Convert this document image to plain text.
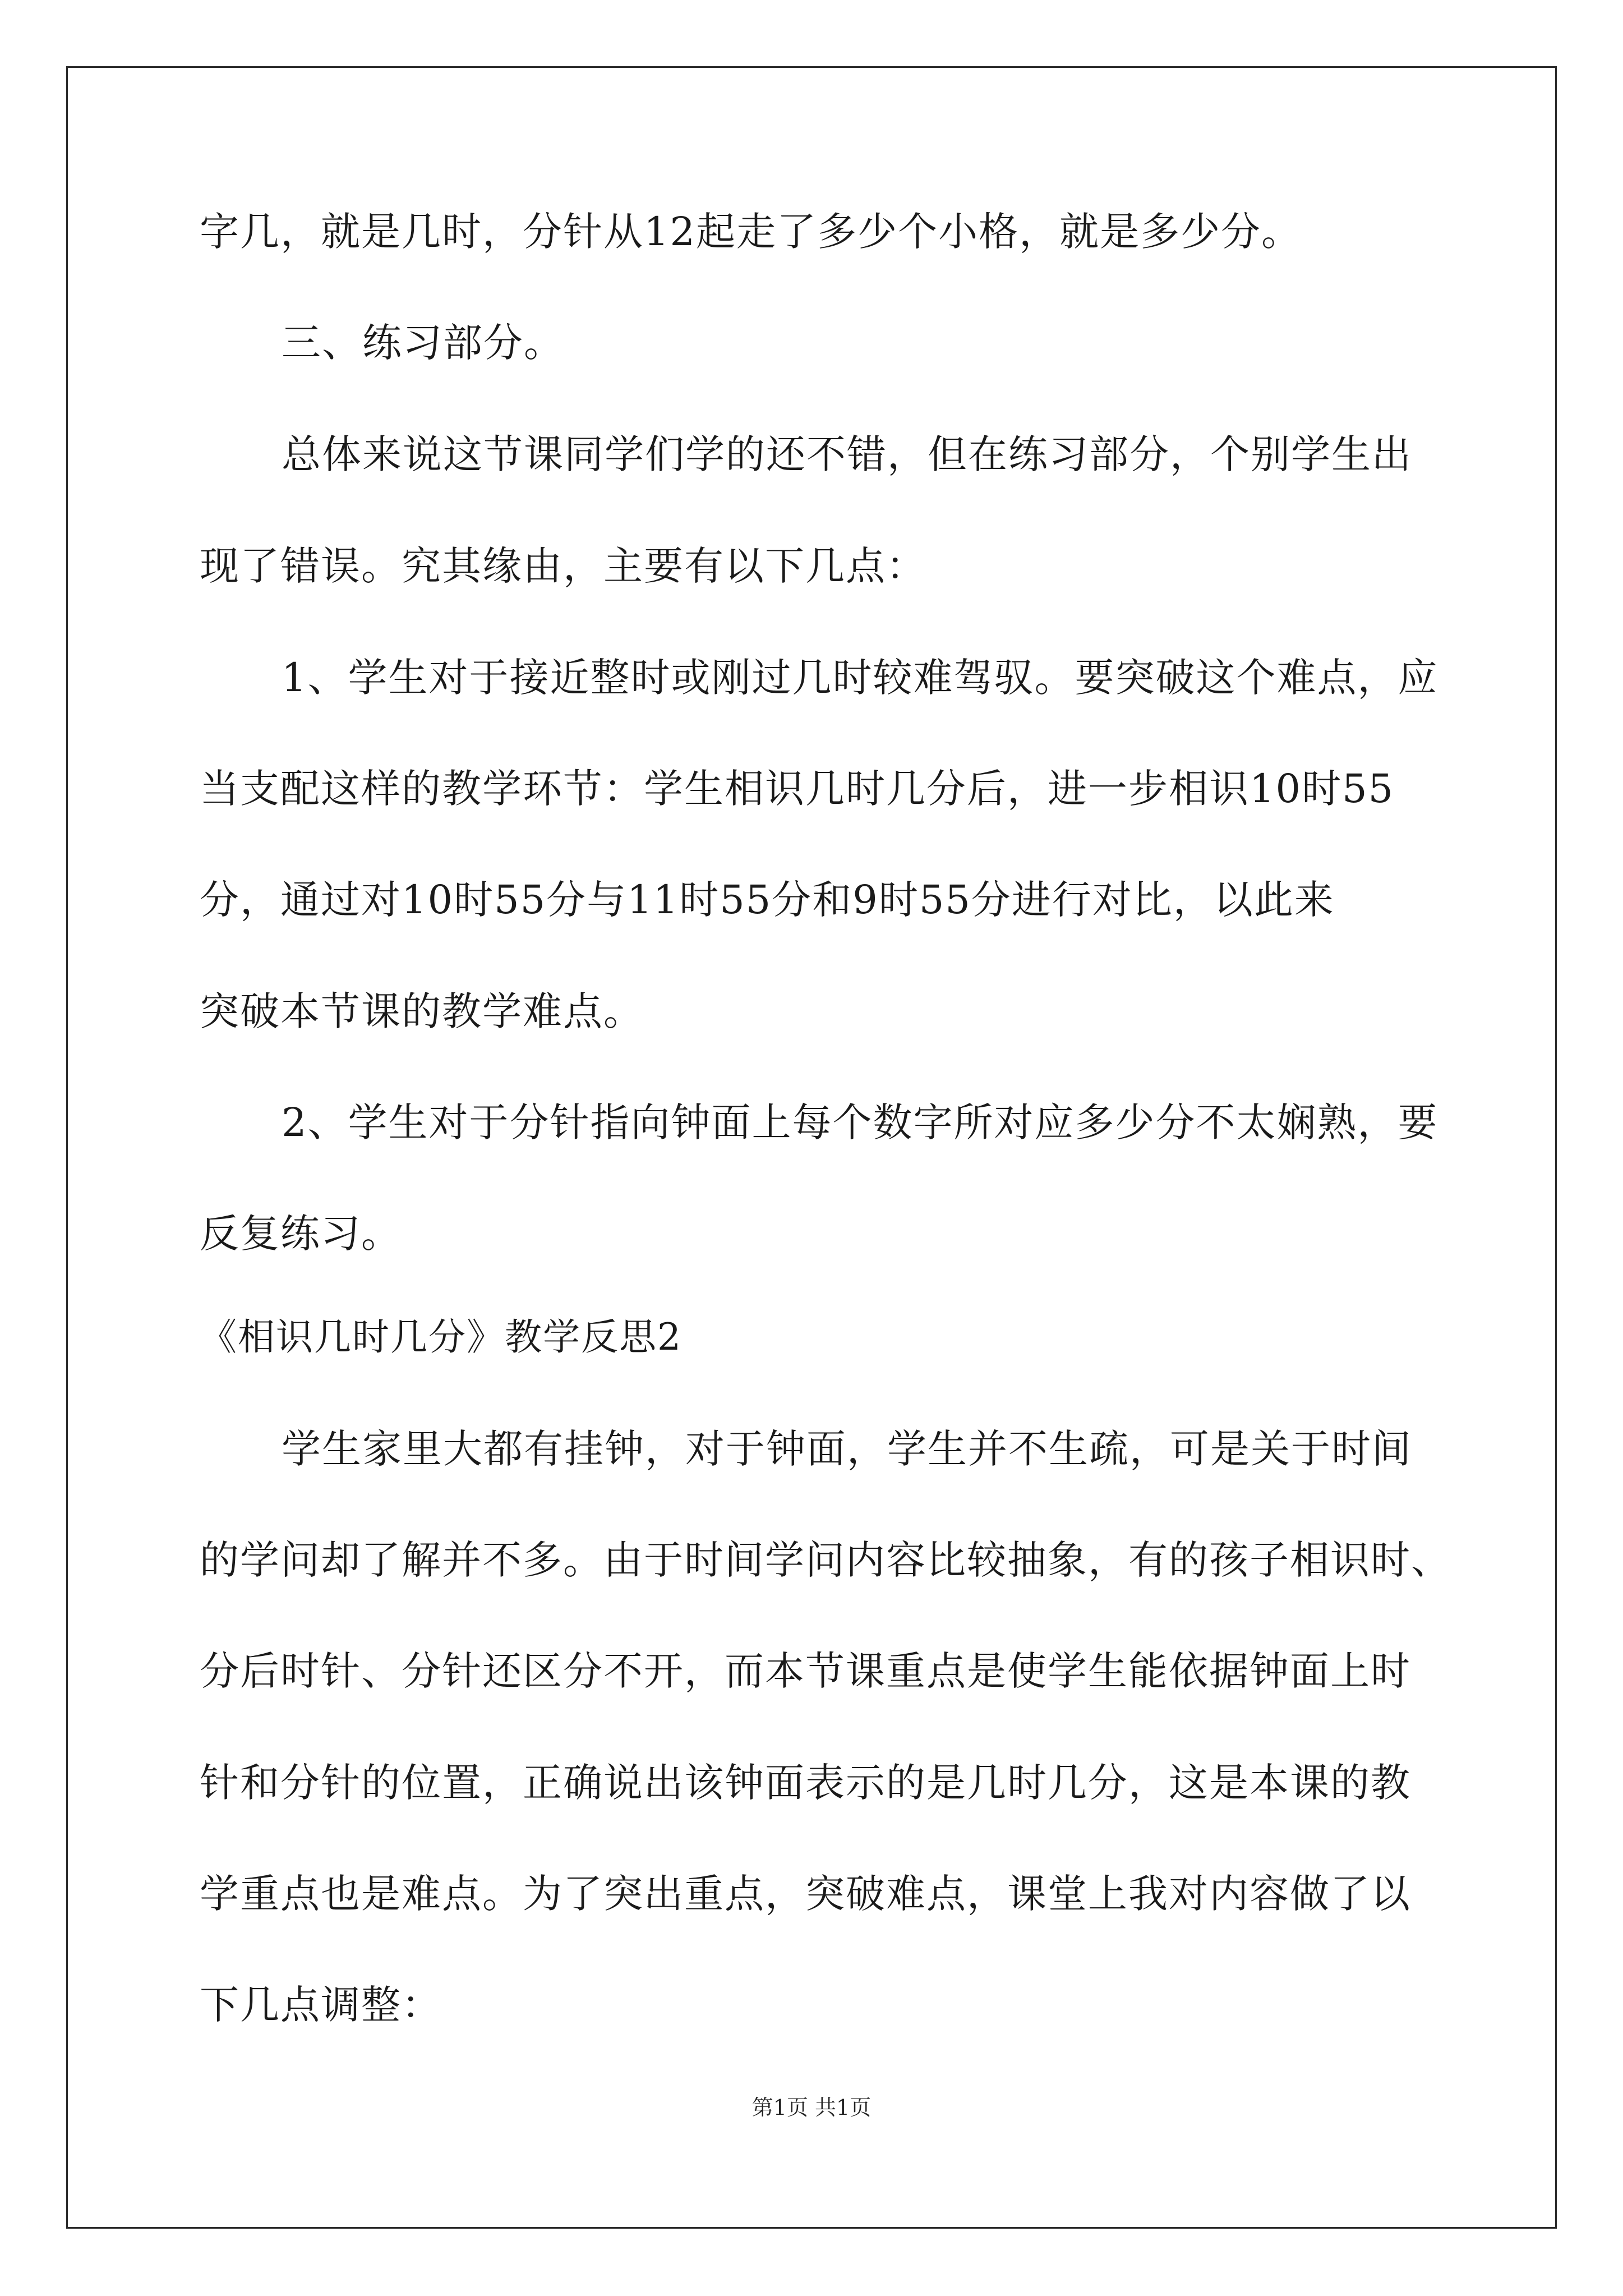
字几，就是几时，分针从12起走了多少个小格，就是多少分。
三、练习部分。
总体来说这节课同学们学的还不错，但在练习部分，个别学生出
现了错误。究其缘由，主要有以下几点：
1、学生对于接近整时或刚过几时较难驾驭。要突破这个难点，应
当支配这样的教学环节：学生相识几时几分后，进一步相识10时55
分，通过对10时55分与11时55分和9时55分进行对比，以此来
突破本节课的教学难点。
2、学生对于分针指向钟面上每个数字所对应多少分不太娴熟，要
反复练习。
《相识几时几分》教学反思2
学生家里大都有挂钟，对于钟面，学生并不生疏，可是关于时间
的学问却了解并不多。由于时间学问内容比较抽象，有的孩子相识时、
分后时针、分针还区分不开，而本节课重点是使学生能依据钟面上时
针和分针的位置，正确说出该钟面表示的是几时几分，这是本课的教
学重点也是难点。为了突出重点，突破难点，课堂上我对内容做了以
下几点调整：
第1页 共1页
